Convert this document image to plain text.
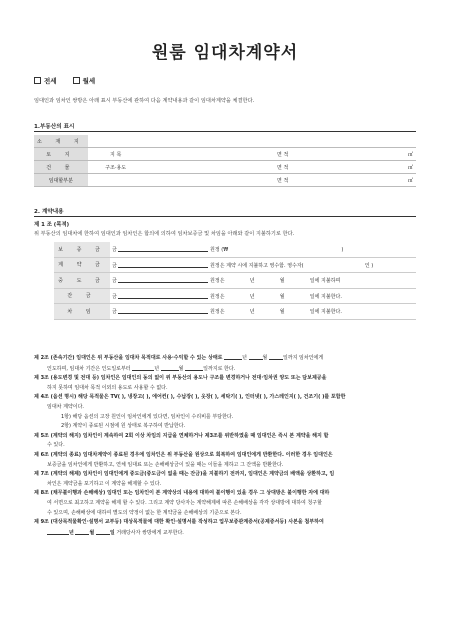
원룸 임대차계약서
전세	월세
임대인과 임차인 쌍방은 아래 표시 부동산에 관하여 다음 계약내용과 같이 임대차계약을 체결한다.
1.부동산의 표시
소 재 지					
토 지	지 목		면 적		㎡
건 물	구조·용도		면 적		㎡
임대할부분			면 적		㎡
2. 계약내용
제 1 조 (목적)
위 부동산의 임대차에 한하여 임대인과 임차인은 합의에 의하여 임차보증금 및 차임을 아래와 같이 지불하기로 한다.
보 증 금	금 원정 (₩ )
계 약 금	금 원정은 계약 시에 지불하고 영수함. 영수자( 인 )
중 도 금	금 원정은 년 월 일에 지불하며
잔 금	금 원정은 년 월 일에 지불한다.
차 임	금 원정은 년 월 일에 지불한다.

제 2조 (존속기간) 임대인은 위 부동산을 임대차 목적대로 사용·수익할 수 있는 상태로	년	월	일까지 임차인에게

인도하며, 임대차 기간은 인도일로부터	년	월	일까지로 한다.

제 3조 (용도변경 및 전대 등) 임차인은 임대인의 동의 없이 위 부동산의 용도나 구조를 변경하거나 전대·임차권 양도 또는 담보제공을

하지 못하며 임대차 목적 이외의 용도로 사용할 수 없다.

제 4조 (옵션 명시) 해당 목적물은 TV( ), 냉장고( ), 에어컨( ), 수납장( ), 옷장( ), 세탁기( ), 인터넷( ), 가스레인지( ), 건조기( )를 포함한

임대차 계약이다.

1항) 해당 옵션의 고장 원인이 임차인에게 있다면, 임차인이 수리비를 부담한다.

2항) 계약이 종료된 시점에 원 상태로 복구하여 반납한다.

제 5조 (계약의 해지) 임차인이 계속하여 2회 이상 차임의 지급을 연체하거나 제3조를 위반하였을 때 임대인은 즉시 본 계약을 해지 할

수 있다.

제 6조 (계약의 종료) 임대차계약이 종료된 경우에 임차인은 위 부동산을 원상으로 회복하여 임대인에게 반환한다. 이러한 경우 임대인은

보증금을 임차인에게 반환하고, 연체 임대료 또는 손해배상금이 있을 때는 이들을 제하고 그 잔액을 반환한다.

제 7조 (계약의 해제) 임차인이 임대인에게 중도금(중도금이 없을 때는 잔금)을 지불하기 전까지, 임대인은 계약금의 배액을 상환하고, 임

차인은 계약금을 포기하고 이 계약을 해제할 수 있다.

제 8조 (채무불이행과 손해배상) 임대인 또는 임차인이 본 계약상의 내용에 대하여 불이행이 있을 경우 그 상대방은 불이행한 자에 대하

여 서면으로 최고하고 계약을 해제 할 수 있다. 그리고 계약 당사자는 계약해제에 따른 손해배상을 각각 상대방에 대하여 청구할

수 있으며, 손해배상에 대하여 별도의 약정이 없는 한 계약금을 손해배상의 기준으로 본다.

제 9조 (대상목적물확인·설명서 교부등) 대상목적물에 대한 확인·설명서를 작성하고 업무보증관계증서(공제증서등) 사본을 첨부하여

년	월	일 거래당사자 쌍방에게 교부한다.
